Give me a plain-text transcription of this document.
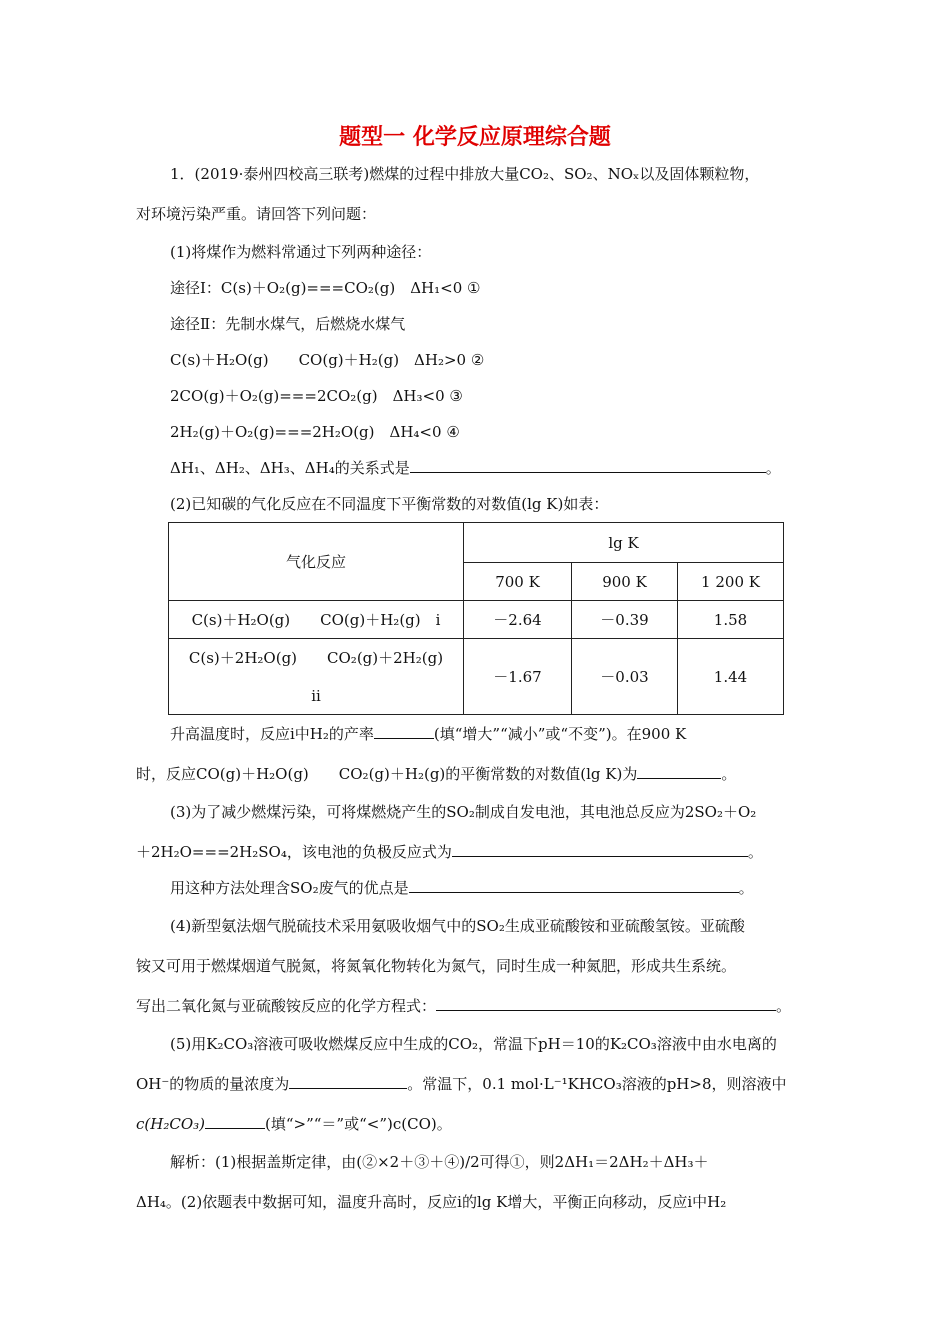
题型一 化学反应原理综合题
1．(2019·泰州四校高三联考)燃煤的过程中排放大量CO₂、SO₂、NOₓ以及固体颗粒物，
对环境污染严重。请回答下列问题：
(1)将煤作为燃料常通过下列两种途径：
途径Ⅰ：C(s)＋O₂(g)===CO₂(g)　ΔH₁<0 ①
途径Ⅱ：先制水煤气，后燃烧水煤气
C(s)＋H₂O(g)　　CO(g)＋H₂(g)　ΔH₂>0 ②
2CO(g)＋O₂(g)===2CO₂(g)　ΔH₃<0 ③
2H₂(g)＋O₂(g)===2H₂O(g)　ΔH₄<0 ④
ΔH₁、ΔH₂、ΔH₃、ΔH₄的关系式是	。
(2)已知碳的气化反应在不同温度下平衡常数的对数值(lg K)如表：
气化反应	lg K		
	700 K	900 K	1 200 K
C(s)＋H₂O(g)　　CO(g)＋H₂(g)　i	－2.64	－0.39	1.58

C(s)＋2H₂O(g)　　CO₂(g)＋2H₂(g)
ii	－1.67	－0.03	1.44
升高温度时，反应i中H₂的产率	(填“增大”“减小”或“不变”)。在900 K
时，反应CO(g)＋H₂O(g)　　CO₂(g)＋H₂(g)的平衡常数的对数值(lg K)为	。
(3)为了减少燃煤污染，可将煤燃烧产生的SO₂制成自发电池，其电池总反应为2SO₂＋O₂
＋2H₂O===2H₂SO₄，该电池的负极反应式为	。
用这种方法处理含SO₂废气的优点是	。
(4)新型氨法烟气脱硫技术采用氨吸收烟气中的SO₂生成亚硫酸铵和亚硫酸氢铵。亚硫酸
铵又可用于燃煤烟道气脱氮，将氮氧化物转化为氮气，同时生成一种氮肥，形成共生系统。
写出二氧化氮与亚硫酸铵反应的化学方程式：	。
(5)用K₂CO₃溶液可吸收燃煤反应中生成的CO₂，常温下pH＝10的K₂CO₃溶液中由水电离的
OH⁻的物质的量浓度为	。常温下，0.1 mol·L⁻¹KHCO₃溶液的pH>8，则溶液中
c(H₂CO₃)	(填“>”“＝”或“<”)c(CO)。
解析：(1)根据盖斯定律，由(②×2＋③＋④)/2可得①，则2ΔH₁＝2ΔH₂＋ΔH₃＋
ΔH₄。(2)依题表中数据可知，温度升高时，反应i的lg K增大，平衡正向移动，反应i中H₂
